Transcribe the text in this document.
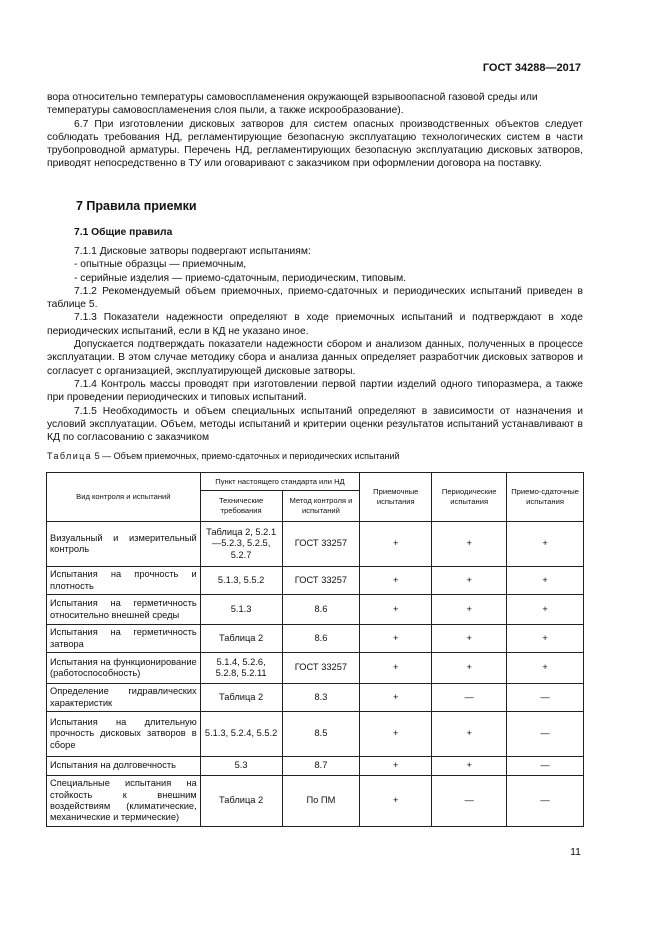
ГОСТ 34288—2017

вора относительно температуры самовоспламенения окружающей взрывоопасной газовой среды или

температуры самовоспламенения слоя пыли, а также искрообразование).

6.7 При изготовлении дисковых затворов для систем опасных производственных объектов следует соблюдать требования НД, регламентирующие безопасную эксплуатацию технологических систем в части трубопроводной арматуры. Перечень НД, регламентирующих безопасную эксплуатацию дисковых затворов, приводят непосредственно в ТУ или оговаривают с заказчиком при оформлении договора на поставку.

7 Правила приемки
7.1 Общие правила

7.1.1 Дисковые затворы подвергают испытаниям:

- опытные образцы — приемочным,

- серийные изделия — приемо-сдаточным, периодическим, типовым.

7.1.2 Рекомендуемый объем приемочных, приемо-сдаточных и периодических испытаний приведен в таблице 5.

7.1.3 Показатели надежности определяют в ходе приемочных испытаний и подтверждают в ходе периодических испытаний, если в КД не указано иное.

Допускается подтверждать показатели надежности сбором и анализом данных, полученных в процессе эксплуатации. В этом случае методику сбора и анализа данных определяет разработчик дисковых затворов и согласует с организацией, эксплуатирующей дисковые затворы.

7.1.4 Контроль массы проводят при изготовлении первой партии изделий одного типоразмера, а также при проведении периодических и типовых испытаний.

7.1.5 Необходимость и объем специальных испытаний определяют в зависимости от назначения и условий эксплуатации. Объем, методы испытаний и критерии оценки результатов испытаний устанавливают в КД по согласованию с заказчиком

Таблица 5 — Объем приемочных, приемо-сдаточных и периодических испытаний
Вид контроля и испытаний	Пункт настоящего стандарта или НД		Приемочные испытания	Периодические испытания	Приемо-сдаточные испытания
	Технические требования	Метод контроля и испытаний			
Визуальный и измерительный контроль	Таблица 2, 5.2.1—5.2.3, 5.2.5, 5.2.7	ГОСТ 33257	+	+	+
Испытания на прочность и плотность	5.1.3, 5.5.2	ГОСТ 33257	+	+	+
Испытания на герметичность относительно внешней среды	5.1.3	8.6	+	+	+
Испытания на герметичность затвора	Таблица 2	8.6	+	+	+
Испытания на функционирование (работоспособность)	5.1.4, 5.2.6, 5.2.8, 5.2.11	ГОСТ 33257	+	+	+
Определение гидравлических характеристик	Таблица 2	8.3	+	—	—
Испытания на длительную прочность дисковых затворов в сборе	5.1.3, 5.2.4, 5.5.2	8.5	+	+	—
Испытания на долговечность	5.3	8.7	+	+	—
Специальные испытания на стойкость к внешним воздействиям (климатические, механические и термические)	Таблица 2	По ПМ	+	—	—
11
